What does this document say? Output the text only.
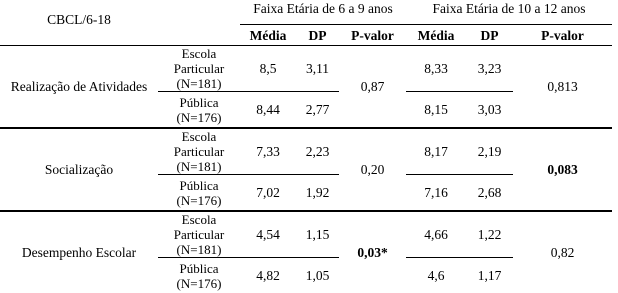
CBCL/6-18		Faixa Etária de 6 a 9 anos			Faixa Etária de 10 a 12 anos		
		Média	DP	P-valor	Média	DP	P-valor
Realização de Atividades	Escola Particular
(N=181)	8,5	3,11	0,87	8,33	3,23	0,813
	Pública
(N=176)	8,44	2,77		8,15	3,03	
Socialização	Escola Particular
(N=181)	7,33	2,23	0,20	8,17	2,19	0,083
	Pública
(N=176)	7,02	1,92		7,16	2,68	
Desempenho Escolar	Escola Particular
(N=181)	4,54	1,15	0,03*	4,66	1,22	0,82
	Pública
(N=176)	4,82	1,05		4,6	1,17	
